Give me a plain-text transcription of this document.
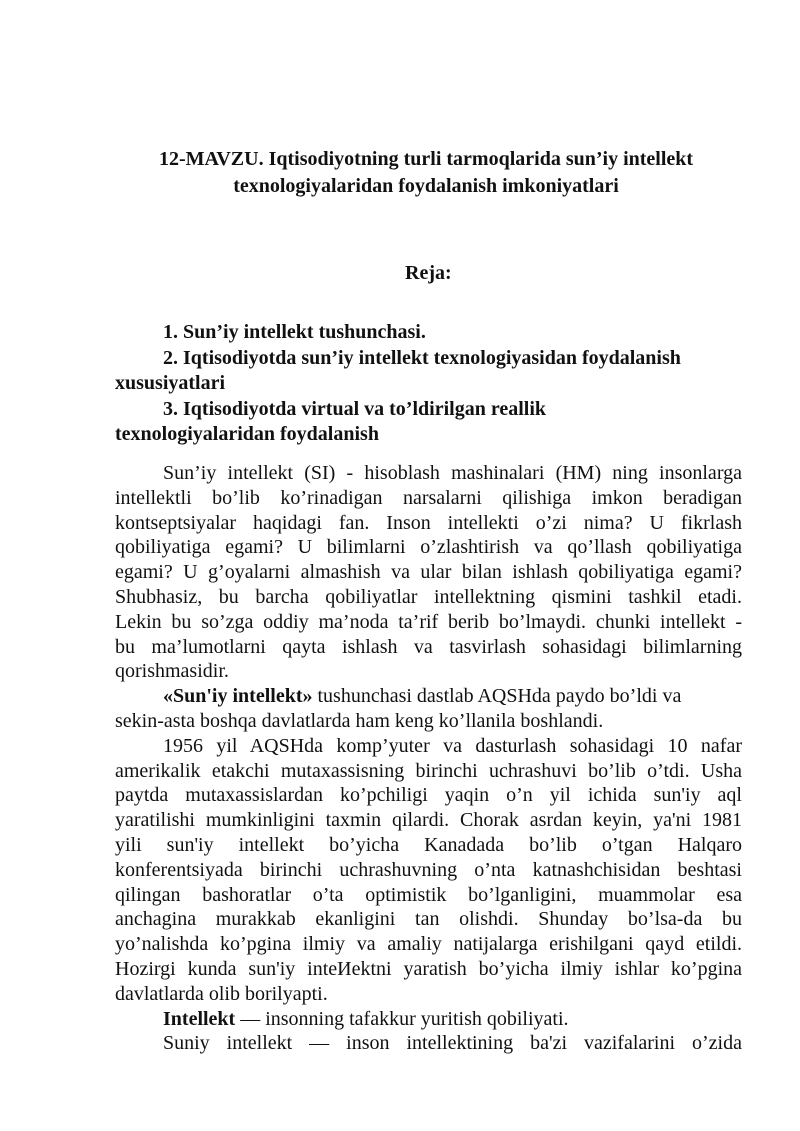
12-MAVZU. Iqtisodiyotning turli tarmoqlarida sun’iy intellekt
texnologiyalaridan foydalanish imkoniyatlari
Reja:
1. Sun’iy intellekt tushunchasi.
2. Iqtisodiyotda sun’iy intellekt texnologiyasidan foydalanish
xususiyatlari
3. Iqtisodiyotda virtual va to’ldirilgan reallik
texnologiyalaridan foydalanish
Sun’iy intellekt (SI) - hisoblash mashinalari (HM) ning insonlarga
intellektli bo’lib ko’rinadigan narsalarni qilishiga imkon beradigan
kontseptsiyalar haqidagi fan. Inson intellekti o’zi nima? U fikrlash
qobiliyatiga egami? U bilimlarni o’zlashtirish va qo’llash qobiliyatiga
egami? U g’oyalarni almashish va ular bilan ishlash qobiliyatiga egami?
Shubhasiz, bu barcha qobiliyatlar intellektning qismini tashkil etadi.
Lekin bu so’zga oddiy ma’noda ta’rif berib bo’lmaydi. chunki intellekt -
bu ma’lumotlarni qayta ishlash va tasvirlash sohasidagi bilimlarning
qorishmasidir.
«Sun'iy intellekt» tushunchasi dastlab AQSHda paydo bo’ldi va
sekin-asta boshqa davlatlarda ham keng ko’llanila boshlandi.
1956 yil AQSHda komp’yuter va dasturlash sohasidagi 10 nafar
amerikalik etakchi mutaxassisning birinchi uchrashuvi bo’lib o’tdi. Usha
paytda mutaxassislardan ko’pchiligi yaqin o’n yil ichida sun'iy aql
yaratilishi mumkinligini taxmin qilardi. Chorak asrdan keyin, ya'ni 1981
yili sun'iy intellekt bo’yicha Kanadada bo’lib o’tgan Halqaro
konferentsiyada birinchi uchrashuvning o’nta katnashchisidan beshtasi
qilingan bashoratlar o’ta optimistik bo’lganligini, muammolar esa
anchagina murakkab ekanligini tan olishdi. Shunday bo’lsa-da bu
yo’nalishda ko’pgina ilmiy va amaliy natijalarga erishilgani qayd etildi.
Hozirgi kunda sun'iy inteИektni yaratish bo’yicha ilmiy ishlar ko’pgina
davlatlarda olib borilyapti.
Intellekt — insonning tafakkur yuritish qobiliyati.
Suniy intellekt — inson intellektining ba'zi vazifalarini o’zida
